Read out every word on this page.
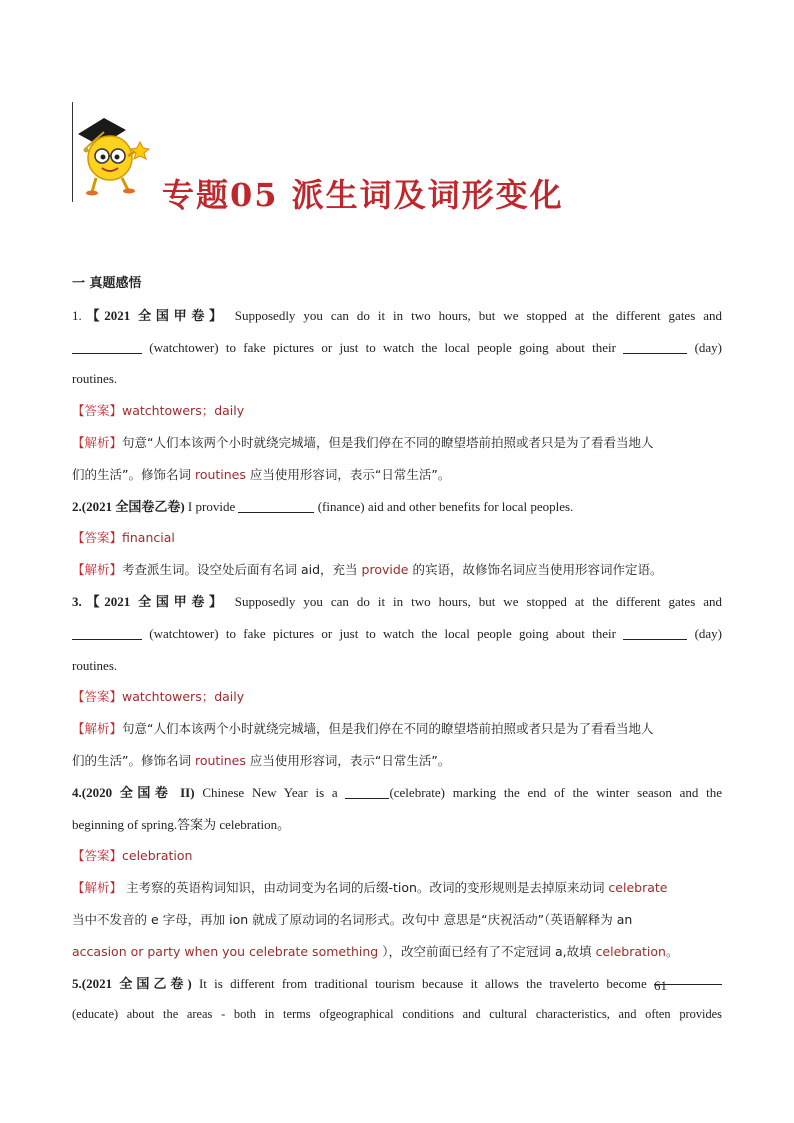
专题05 派生词及词形变化

一 真题感悟

1.【2021 全国甲卷】 Supposedly you can do it in two hours, but we stopped at the different gates and

(watchtower) to fake pictures or just to watch the local people going about their	(day)

routines.

【答案】watchtowers；daily

【解析】句意“人们本该两个小时就绕完城墙，但是我们停在不同的瞭望塔前拍照或者只是为了看看当地人

们的生活”。修饰名词 routines 应当使用形容词，表示“日常生活”。

2.(2021 全国卷乙卷) I provide	(finance) aid and other benefits for local peoples.

【答案】financial

【解析】考查派生词。设空处后面有名词 aid，充当 provide 的宾语，故修饰名词应当使用形容词作定语。

3.【2021 全国甲卷】 Supposedly you can do it in two hours, but we stopped at the different gates and

(watchtower) to fake pictures or just to watch the local people going about their	(day)

routines.

【答案】watchtowers；daily

【解析】句意“人们本该两个小时就绕完城墙，但是我们停在不同的瞭望塔前拍照或者只是为了看看当地人

们的生活”。修饰名词 routines 应当使用形容词，表示“日常生活”。

4.(2020 全国卷 II) Chinese New Year is a	(celebrate) marking the end of the winter season and the

beginning of spring.答案为 celebration。

【答案】celebration

【解析】 主考察的英语构词知识，由动词变为名词的后缀-tion。改词的变形规则是去掉原来动词 celebrate

当中不发音的 e 字母，再加 ion 就成了原动词的名词形式。改句中 意思是“庆祝活动”（英语解释为 an

accasion or party when you celebrate something ），改空前面已经有了不定冠词 a,故填 celebration。

5.(2021 全国乙卷) It is different from traditional tourism because it allows the travelerto become 61

(educate) about the areas - both in terms ofgeographical conditions and cultural characteristics, and often provides
